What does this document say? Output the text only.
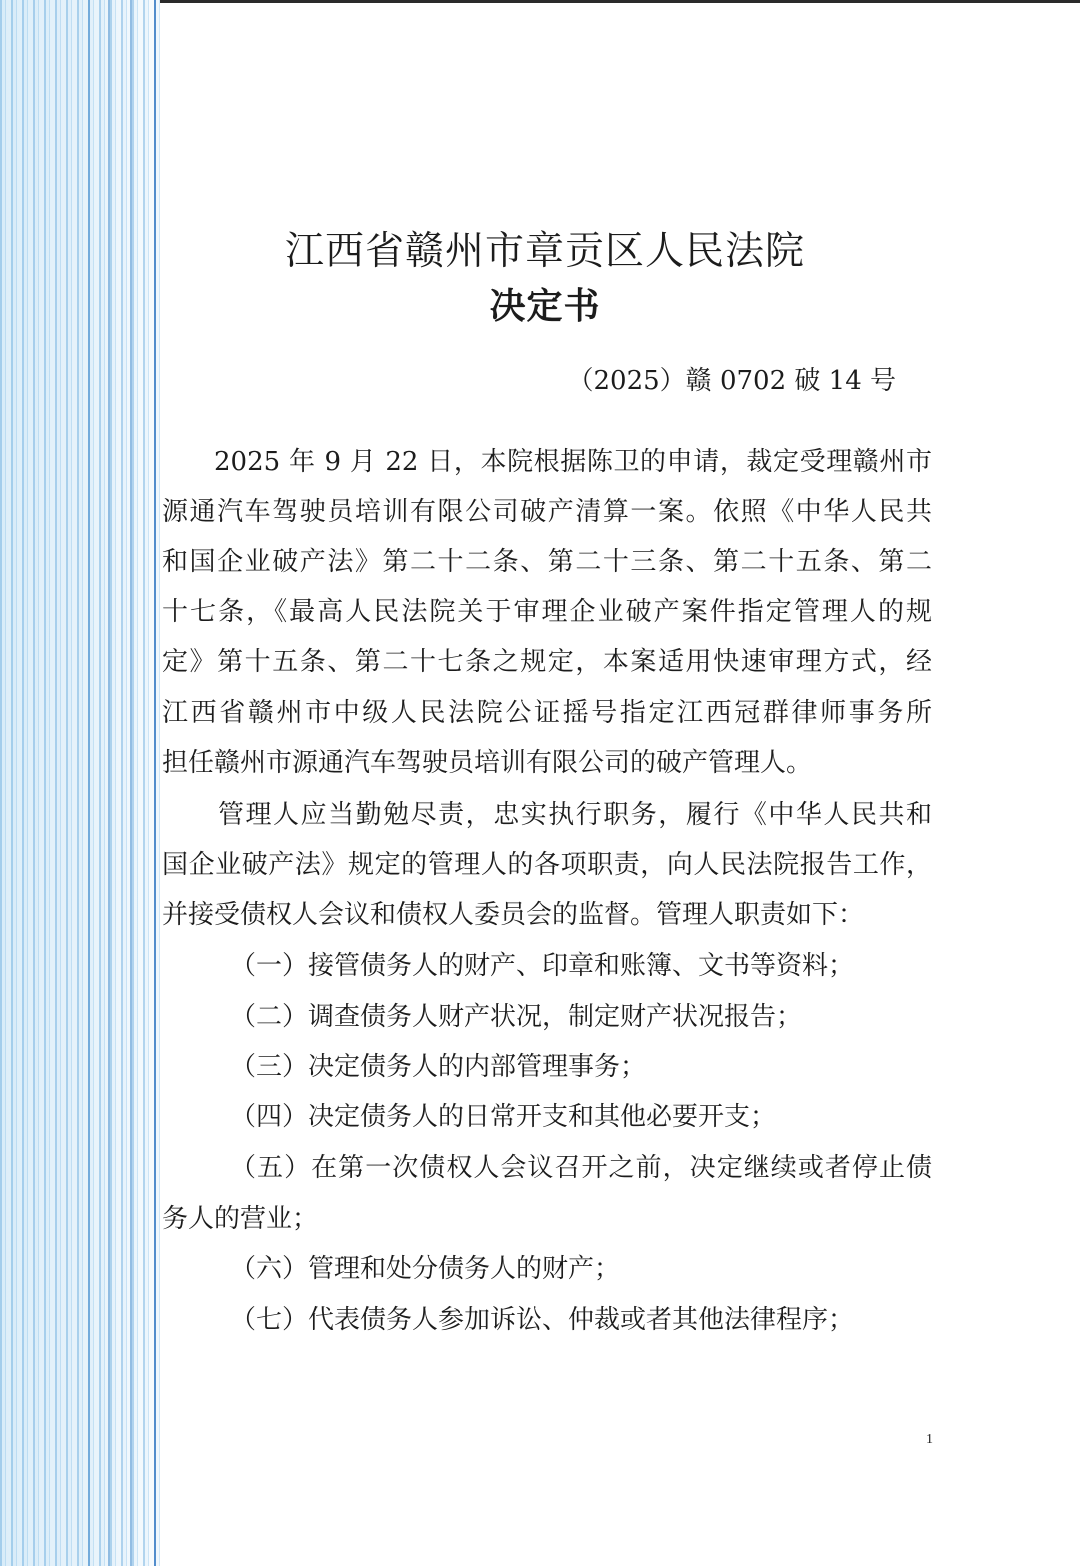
江西省赣州市章贡区人民法院
决定书
（2025）赣 0702 破 14 号
2025 年 9 月 22 日，本院根据陈卫的申请，裁定受理赣州市
源通汽车驾驶员培训有限公司破产清算一案。依照《中华人民共
和国企业破产法》第二十二条、第二十三条、第二十五条、第二
十七条，《最高人民法院关于审理企业破产案件指定管理人的规
定》第十五条、第二十七条之规定，本案适用快速审理方式，经
江西省赣州市中级人民法院公证摇号指定江西冠群律师事务所
担任赣州市源通汽车驾驶员培训有限公司的破产管理人。
管理人应当勤勉尽责，忠实执行职务，履行《中华人民共和
国企业破产法》规定的管理人的各项职责，向人民法院报告工作，
并接受债权人会议和债权人委员会的监督。管理人职责如下：
（一）接管债务人的财产、印章和账簿、文书等资料；
（二）调查债务人财产状况，制定财产状况报告；
（三）决定债务人的内部管理事务；
（四）决定债务人的日常开支和其他必要开支；
（五）在第一次债权人会议召开之前，决定继续或者停止债
务人的营业；
（六）管理和处分债务人的财产；
（七）代表债务人参加诉讼、仲裁或者其他法律程序；
1
